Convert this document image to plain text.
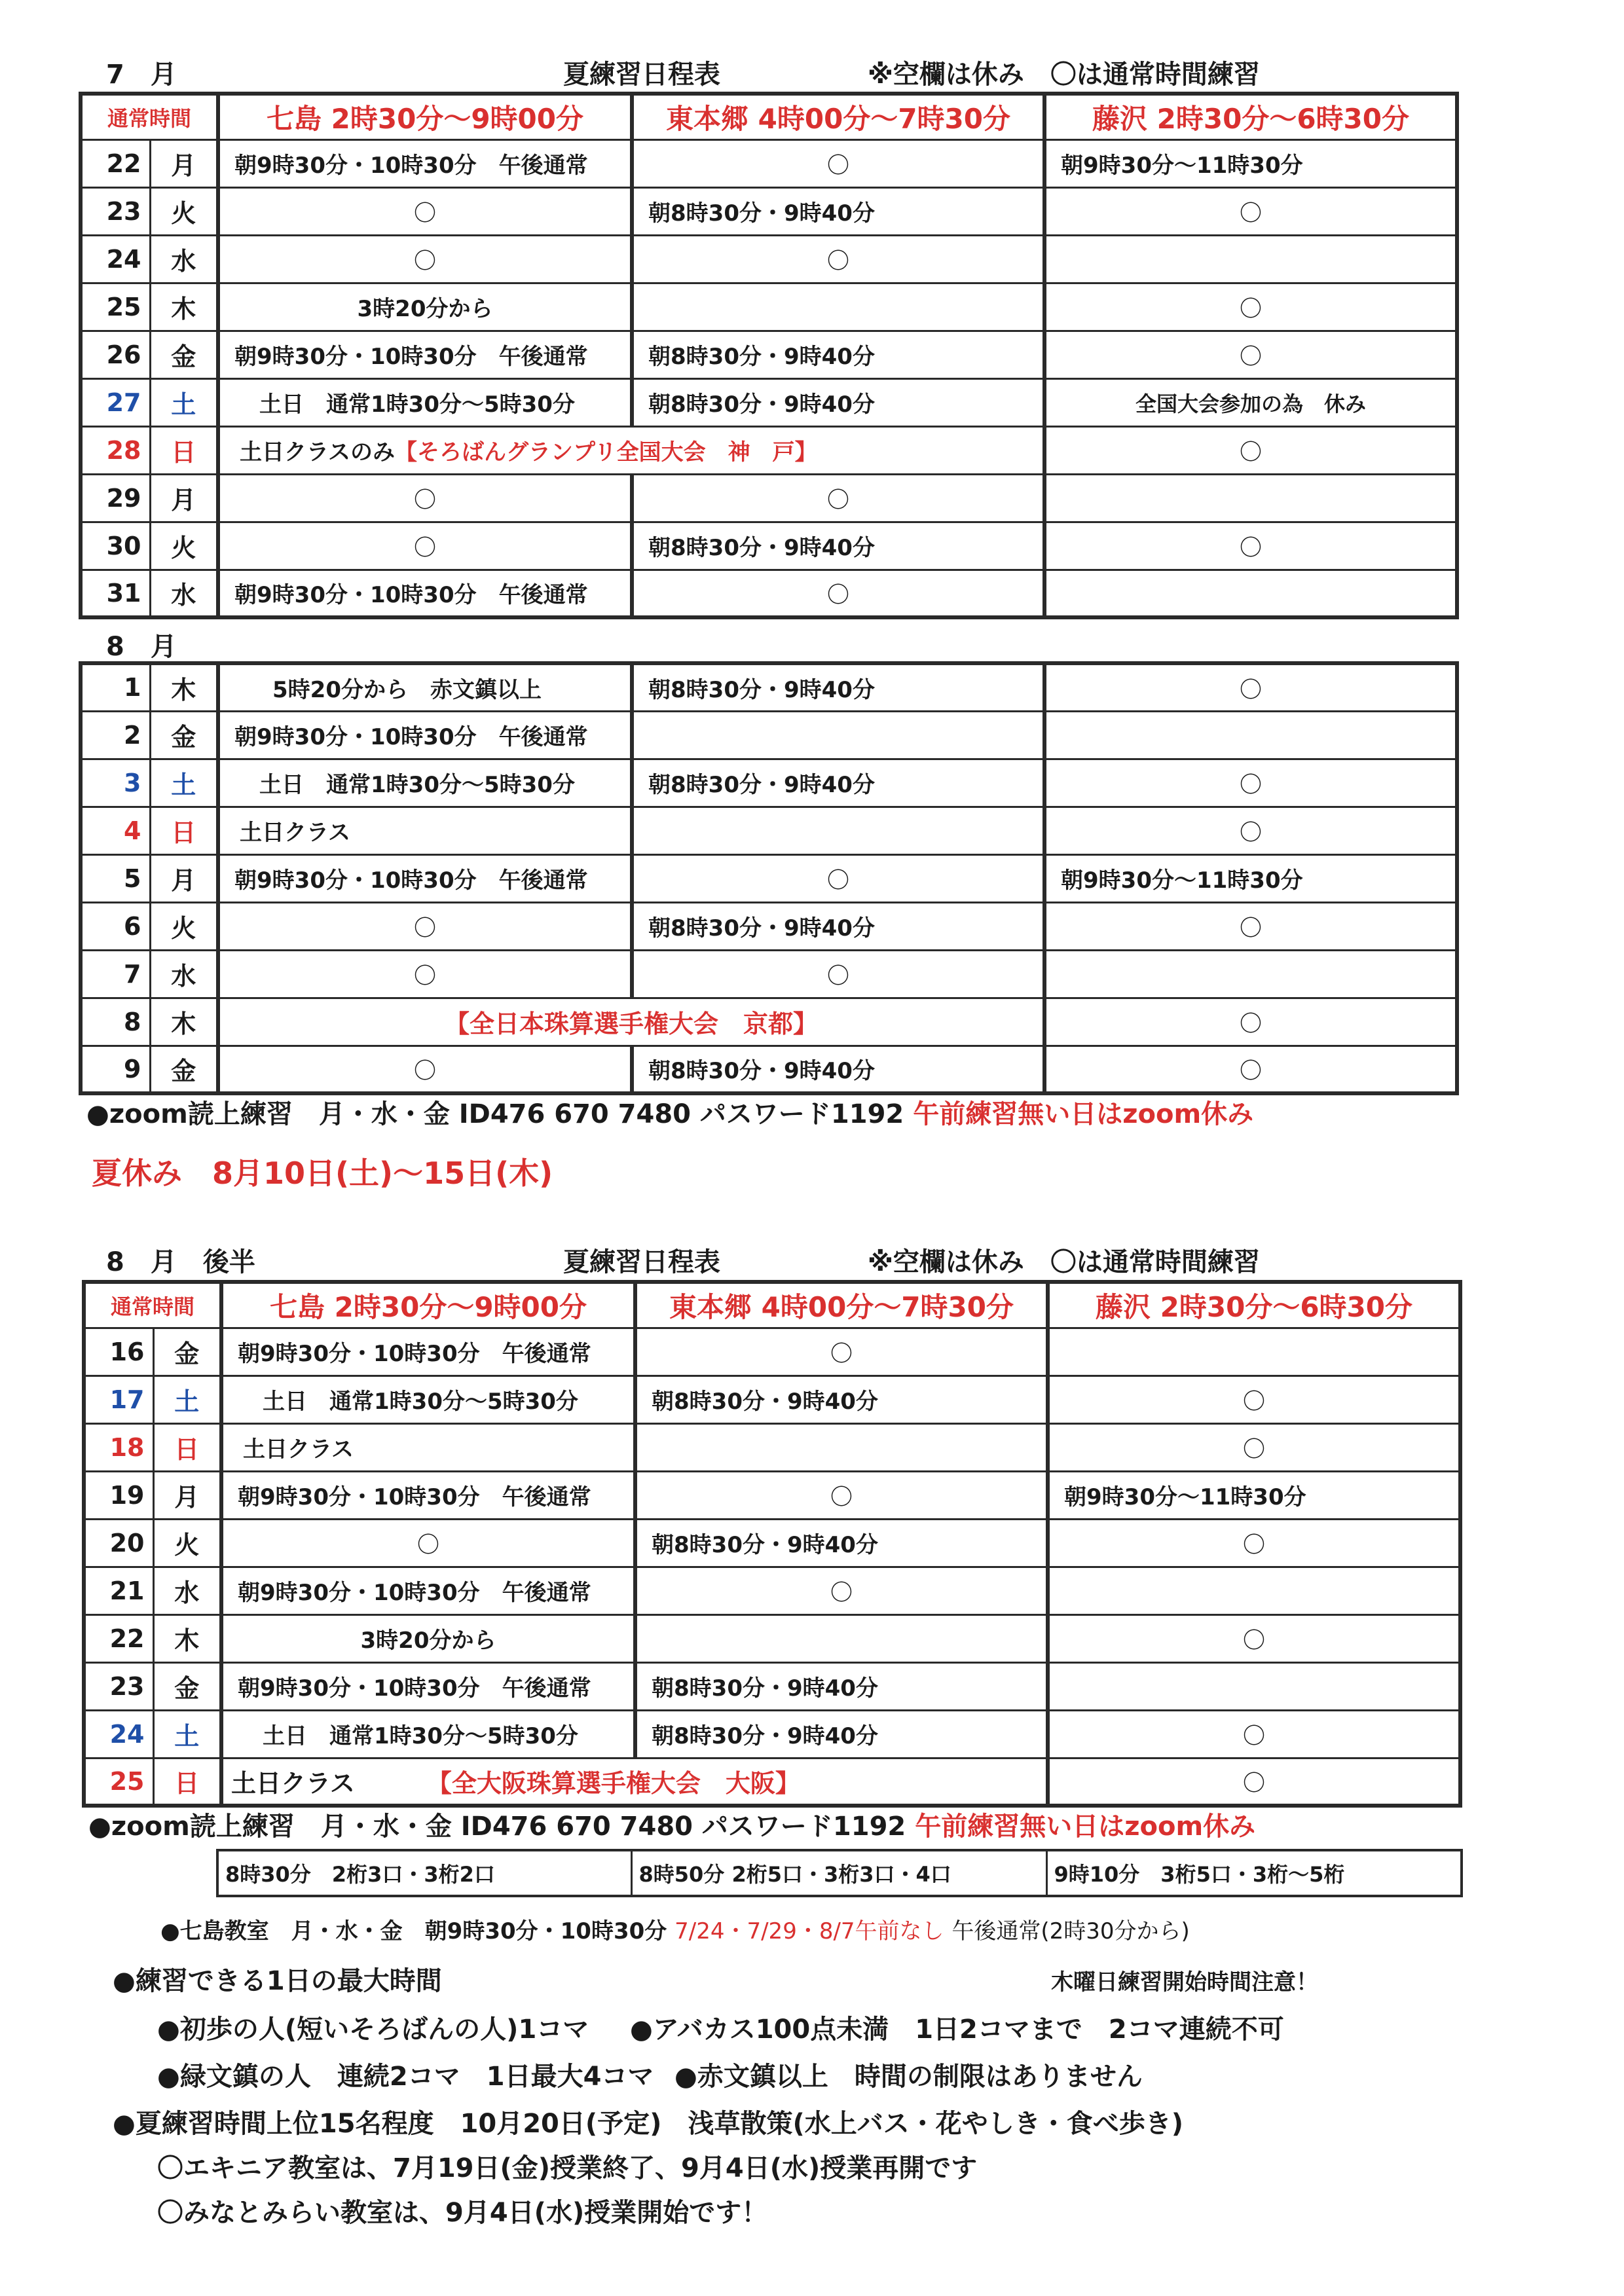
7　月	夏練習日程表	※空欄は休み　〇は通常時間練習
通常時間		七島 2時30分～9時00分	東本郷 4時00分～7時30分	藤沢 2時30分～6時30分
22	月	朝9時30分・10時30分　午後通常	〇	朝9時30分～11時30分
23	火	〇	朝8時30分・9時40分	〇
24	水	〇	〇	
25	木	3時20分から		〇
26	金	朝9時30分・10時30分　午後通常	朝8時30分・9時40分	〇
27	土	土日　通常1時30分～5時30分	朝8時30分・9時40分	全国大会参加の為　休み
28	日	土日クラスのみ【そろばんグランプリ全国大会　神　戸】		〇
29	月	〇	〇	
30	火	〇	朝8時30分・9時40分	〇
31	水	朝9時30分・10時30分　午後通常	〇	
8　月
1	木	5時20分から　赤文鎮以上	朝8時30分・9時40分	〇
2	金	朝9時30分・10時30分　午後通常		
3	土	土日　通常1時30分～5時30分	朝8時30分・9時40分	〇
4	日	土日クラス		〇
5	月	朝9時30分・10時30分　午後通常	〇	朝9時30分～11時30分
6	火	〇	朝8時30分・9時40分	〇
7	水	〇	〇	
8	木	【全日本珠算選手権大会　京都】		〇
9	金	〇	朝8時30分・9時40分	〇
●zoom読上練習　月・水・金 ID476 670 7480 パスワード1192 午前練習無い日はzoom休み
夏休み　8月10日(土)～15日(木)
8　月　後半	夏練習日程表	※空欄は休み　〇は通常時間練習
通常時間		七島 2時30分～9時00分	東本郷 4時00分～7時30分	藤沢 2時30分～6時30分
16	金	朝9時30分・10時30分　午後通常	〇	
17	土	土日　通常1時30分～5時30分	朝8時30分・9時40分	〇
18	日	土日クラス		〇
19	月	朝9時30分・10時30分　午後通常	〇	朝9時30分～11時30分
20	火	〇	朝8時30分・9時40分	〇
21	水	朝9時30分・10時30分　午後通常	〇	
22	木	3時20分から		〇
23	金	朝9時30分・10時30分　午後通常	朝8時30分・9時40分	
24	土	土日　通常1時30分～5時30分	朝8時30分・9時40分	〇
25	日	土日クラス 【全大阪珠算選手権大会　大阪】		〇
●zoom読上練習　月・水・金 ID476 670 7480 パスワード1192 午前練習無い日はzoom休み
8時30分　2桁3口・3桁2口	8時50分 2桁5口・3桁3口・4口	9時10分　3桁5口・3桁～5桁
●七島教室　月・水・金　朝9時30分・10時30分 7/24・7/29・8/7午前なし 午後通常(2時30分から)
●練習できる1日の最大時間	木曜日練習開始時間注意！
●初歩の人(短いそろばんの人)1コマ ●アバカス100点未満　1日2コマまで　2コマ連続不可
●緑文鎮の人　連続2コマ　1日最大4コマ ●赤文鎮以上　時間の制限はありません
●夏練習時間上位15名程度　10月20日(予定)　浅草散策(水上バス・花やしき・食べ歩き)
〇エキニア教室は、7月19日(金)授業終了、9月4日(水)授業再開です
〇みなとみらい教室は、9月4日(水)授業開始です！
